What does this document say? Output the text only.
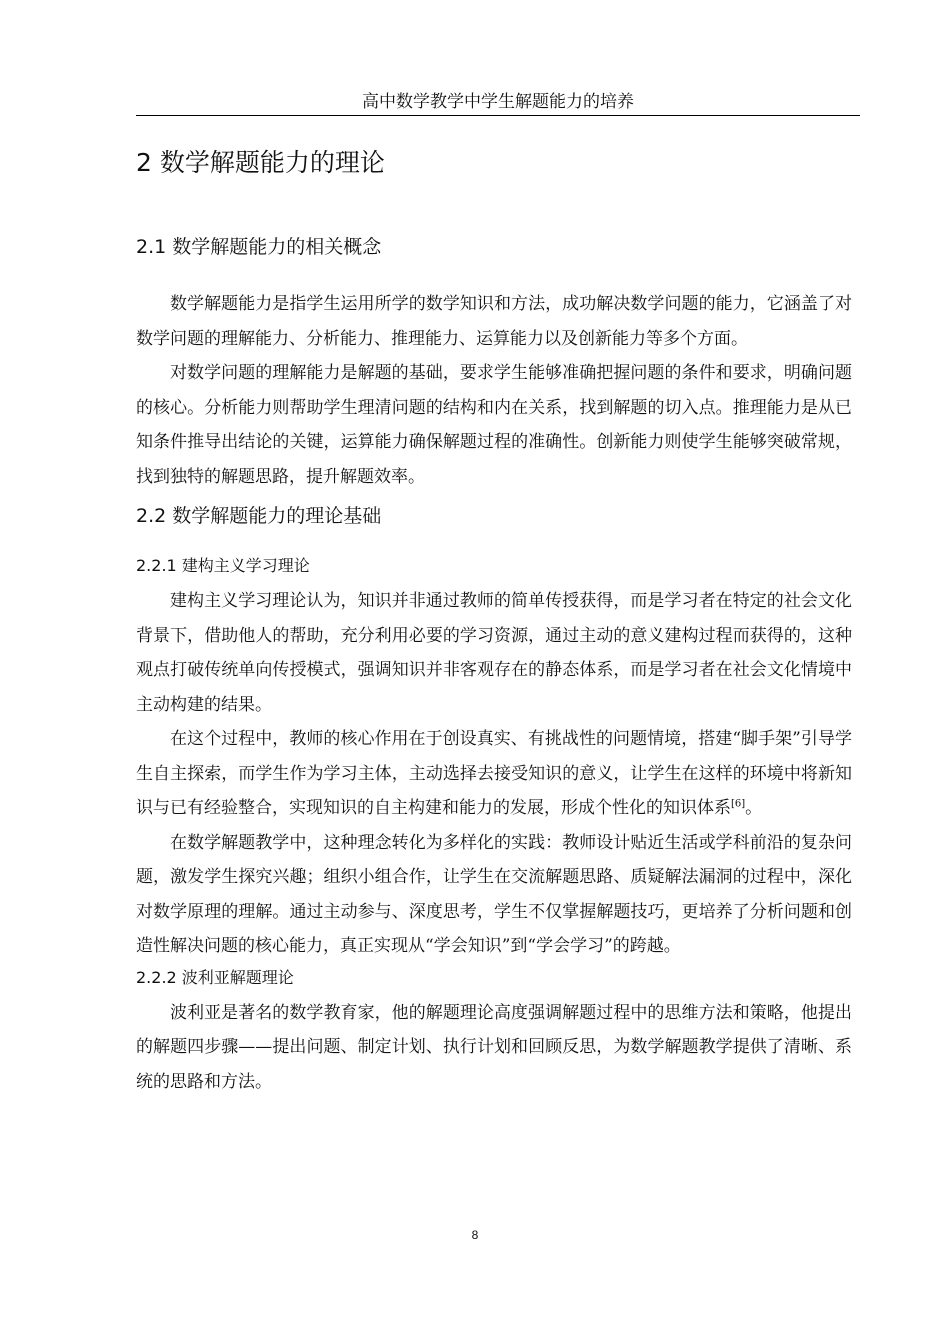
高中数学教学中学生解题能力的培养
2 数学解题能力的理论
2.1 数学解题能力的相关概念

数学解题能力是指学生运用所学的数学知识和方法，成功解决数学问题的能力，它涵盖了对数学问题的理解能力、分析能力、推理能力、运算能力以及创新能力等多个方面。

对数学问题的理解能力是解题的基础，要求学生能够准确把握问题的条件和要求，明确问题的核心。分析能力则帮助学生理清问题的结构和内在关系，找到解题的切入点。推理能力是从已知条件推导出结论的关键，运算能力确保解题过程的准确性。创新能力则使学生能够突破常规，找到独特的解题思路，提升解题效率。

2.2 数学解题能力的理论基础
2.2.1 建构主义学习理论

建构主义学习理论认为，知识并非通过教师的简单传授获得，而是学习者在特定的社会文化背景下，借助他人的帮助，充分利用必要的学习资源，通过主动的意义建构过程而获得的，这种观点打破传统单向传授模式，强调知识并非客观存在的静态体系，而是学习者在社会文化情境中主动构建的结果。

在这个过程中，教师的核心作用在于创设真实、有挑战性的问题情境，搭建“脚手架”引导学生自主探索，而学生作为学习主体，主动选择去接受知识的意义，让学生在这样的环境中将新知识与已有经验整合，实现知识的自主构建和能力的发展，形成个性化的知识体系[6]。

在数学解题教学中，这种理念转化为多样化的实践：教师设计贴近生活或学科前沿的复杂问题，激发学生探究兴趣；组织小组合作，让学生在交流解题思路、质疑解法漏洞的过程中，深化对数学原理的理解。通过主动参与、深度思考，学生不仅掌握解题技巧，更培养了分析问题和创造性解决问题的核心能力，真正实现从“学会知识”到“学会学习”的跨越。

2.2.2 波利亚解题理论

波利亚是著名的数学教育家，他的解题理论高度强调解题过程中的思维方法和策略，他提出的解题四步骤——提出问题、制定计划、执行计划和回顾反思，为数学解题教学提供了清晰、系统的思路和方法。

8
